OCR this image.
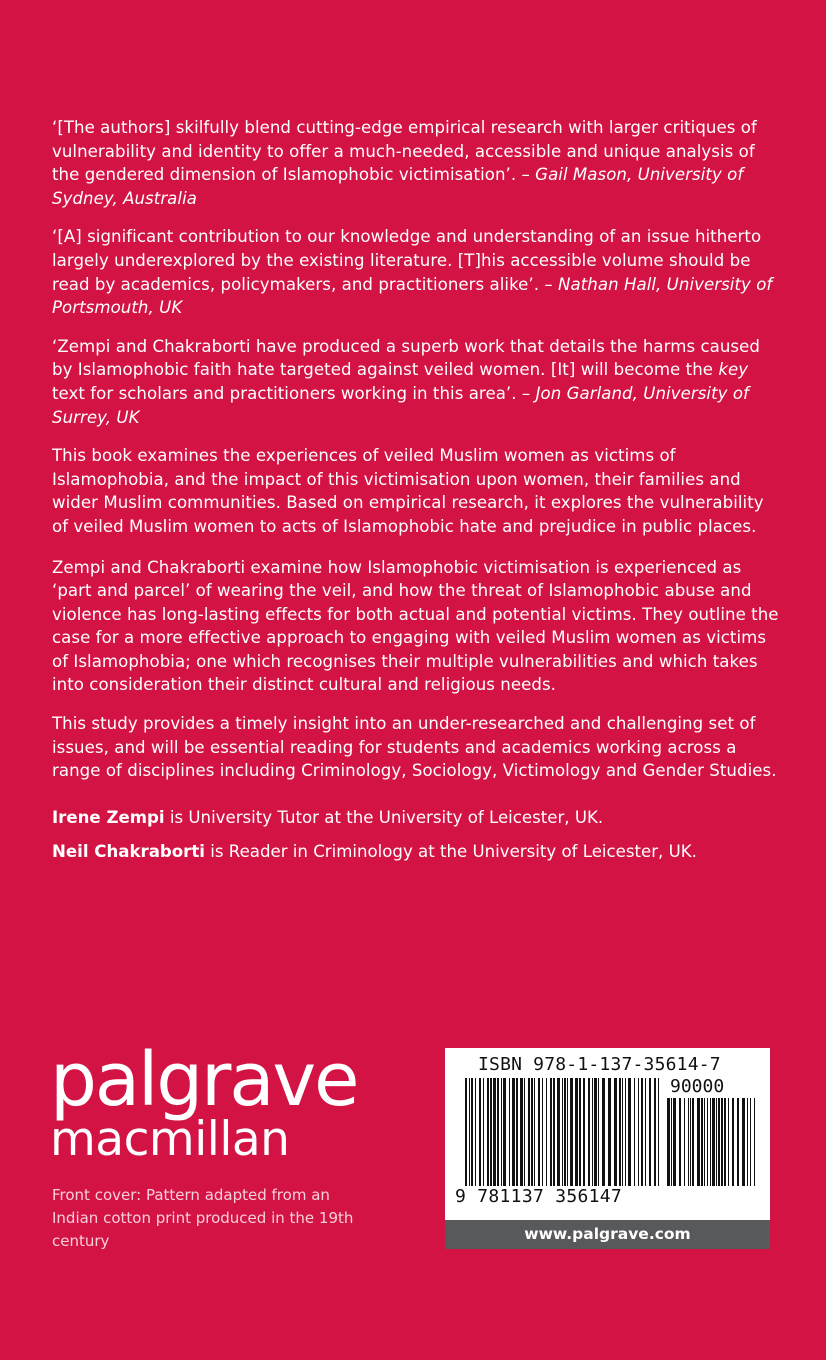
‘[The authors] skilfully blend cutting-edge empirical research with larger critiques of vulnerability and identity to offer a much-needed, accessible and unique analysis of the gendered dimension of Islamophobic victimisation’. – Gail Mason, University of Sydney, Australia

‘[A] significant contribution to our knowledge and understanding of an issue hitherto largely underexplored by the existing literature. [T]his accessible volume should be read by academics, policymakers, and practitioners alike’. – Nathan Hall, University of Portsmouth, UK

‘Zempi and Chakraborti have produced a superb work that details the harms caused by Islamophobic faith hate targeted against veiled women. [It] will become the key text for scholars and practitioners working in this area’. – Jon Garland, University of Surrey, UK

This book examines the experiences of veiled Muslim women as victims of Islamophobia, and the impact of this victimisation upon women, their families and wider Muslim communities. Based on empirical research, it explores the vulnerability of veiled Muslim women to acts of Islamophobic hate and prejudice in public places.

Zempi and Chakraborti examine how Islamophobic victimisation is experienced as ‘part and parcel’ of wearing the veil, and how the threat of Islamophobic abuse and violence has long-lasting effects for both actual and potential victims. They outline the case for a more effective approach to engaging with veiled Muslim women as victims of Islamophobia; one which recognises their multiple vulnerabilities and which takes into consideration their distinct cultural and religious needs.

This study provides a timely insight into an under-researched and challenging set of issues, and will be essential reading for students and academics working across a range of disciplines including Criminology, Sociology, Victimology and Gender Studies.

Irene Zempi is University Tutor at the University of Leicester, UK.

Neil Chakraborti is Reader in Criminology at the University of Leicester, UK.

palgrave
macmillan
Front cover: Pattern adapted from an Indian cotton print produced in the 19th century
ISBN 978-1-137-35614-7
90000
9 781137 356147
www.palgrave.com
